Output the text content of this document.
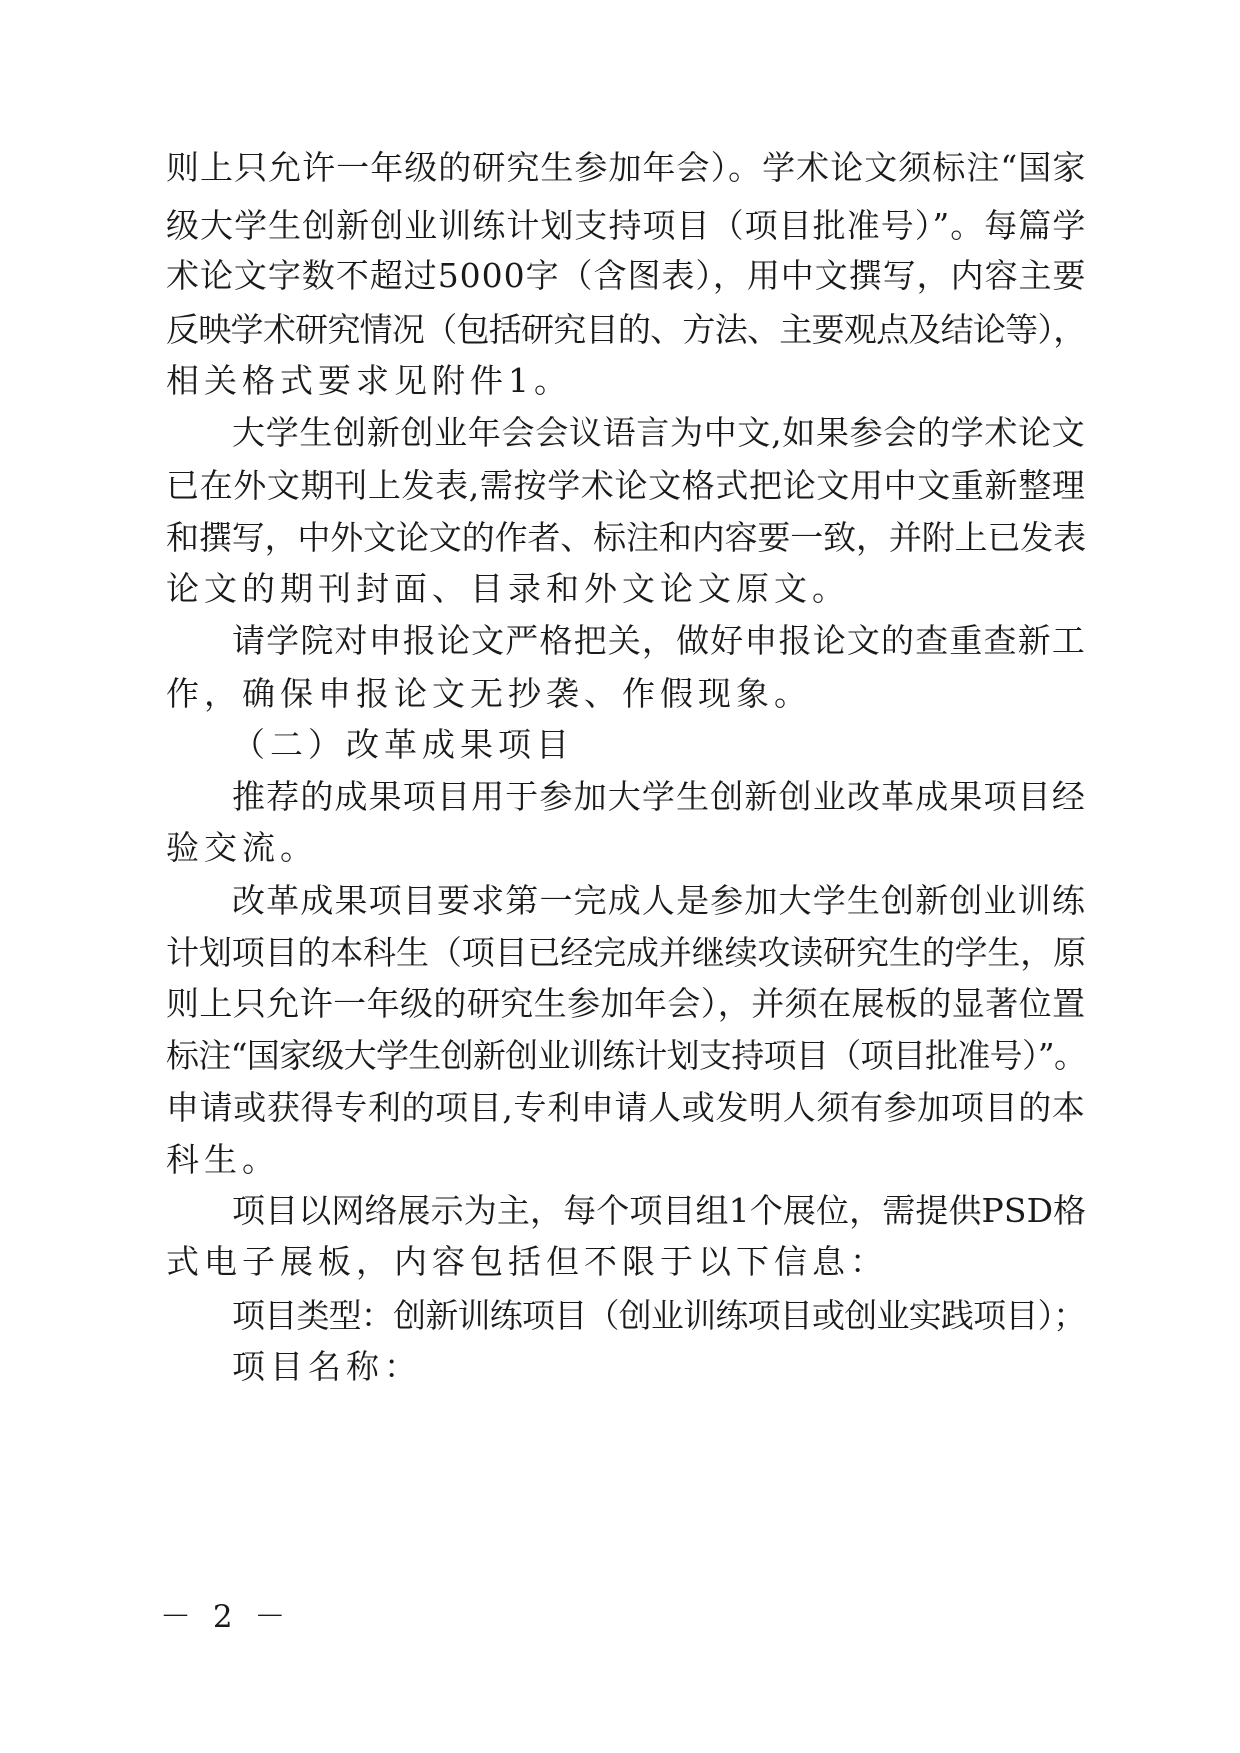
则上只允许一年级的研究生参加年会）。学术论文须标注“国家
级大学生创新创业训练计划支持项目（项目批准号）”。每篇学
术论文字数不超过5000字（含图表），用中文撰写，内容主要
反映学术研究情况（包括研究目的、方法、主要观点及结论等），
相关格式要求见附件1。
大学生创新创业年会会议语言为中文,如果参会的学术论文
已在外文期刊上发表,需按学术论文格式把论文用中文重新整理
和撰写，中外文论文的作者、标注和内容要一致，并附上已发表
论文的期刊封面、目录和外文论文原文。
请学院对申报论文严格把关，做好申报论文的查重查新工
作，确保申报论文无抄袭、作假现象。
（二）改革成果项目
推荐的成果项目用于参加大学生创新创业改革成果项目经
验交流。
改革成果项目要求第一完成人是参加大学生创新创业训练
计划项目的本科生（项目已经完成并继续攻读研究生的学生，原
则上只允许一年级的研究生参加年会），并须在展板的显著位置
标注“国家级大学生创新创业训练计划支持项目（项目批准号）”。
申请或获得专利的项目,专利申请人或发明人须有参加项目的本
科生。
项目以网络展示为主，每个项目组1个展位，需提供PSD格
式电子展板，内容包括但不限于以下信息：
项目类型：创新训练项目（创业训练项目或创业实践项目）；
项目名称：
－ 2 －
